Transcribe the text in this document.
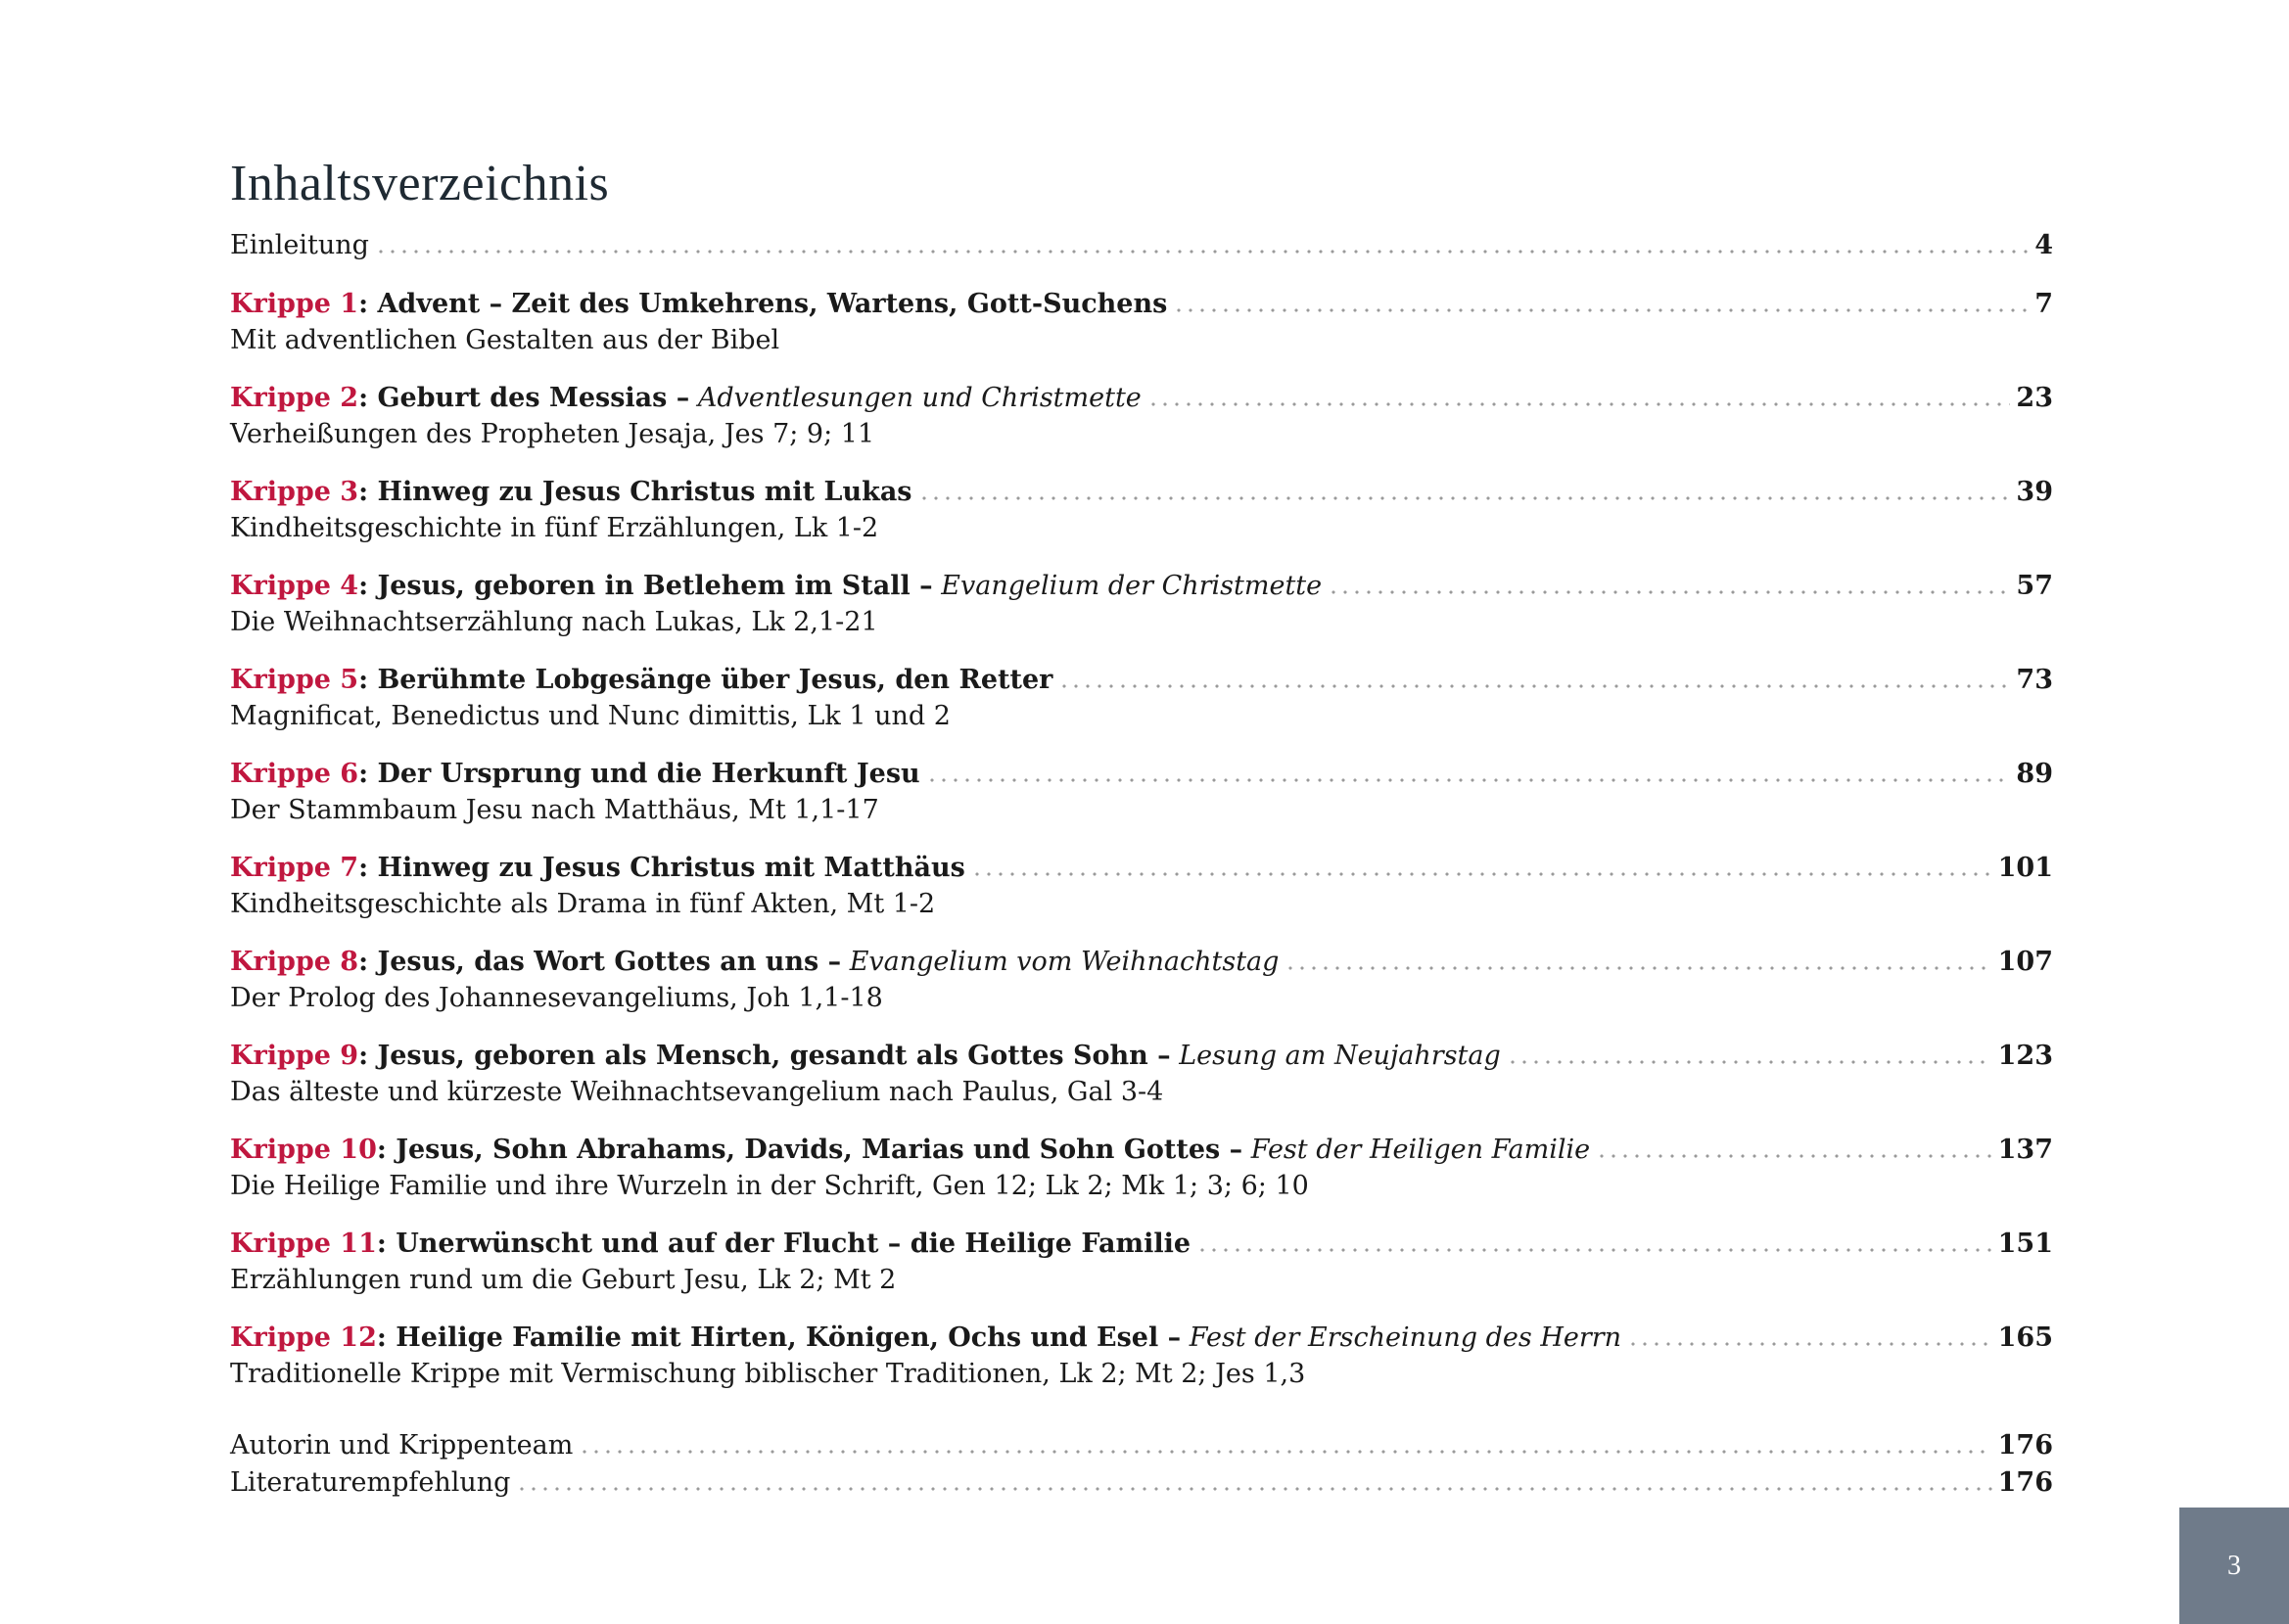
Inhaltsverzeichnis
Einleitung	4
Krippe 1: Advent – Zeit des Umkehrens, Wartens, Gott-Suchens	7
Mit adventlichen Gestalten aus der Bibel
Krippe 2: Geburt des Messias – Adventlesungen und Christmette	23
Verheißungen des Propheten Jesaja, Jes 7; 9; 11
Krippe 3: Hinweg zu Jesus Christus mit Lukas	39
Kindheitsgeschichte in fünf Erzählungen, Lk 1-2
Krippe 4: Jesus, geboren in Betlehem im Stall – Evangelium der Christmette	57
Die Weihnachtserzählung nach Lukas, Lk 2,1-21
Krippe 5: Berühmte Lobgesänge über Jesus, den Retter	73
Magnificat, Benedictus und Nunc dimittis, Lk 1 und 2
Krippe 6: Der Ursprung und die Herkunft Jesu	89
Der Stammbaum Jesu nach Matthäus, Mt 1,1-17
Krippe 7: Hinweg zu Jesus Christus mit Matthäus	101
Kindheitsgeschichte als Drama in fünf Akten, Mt 1-2
Krippe 8: Jesus, das Wort Gottes an uns – Evangelium vom Weihnachtstag	107
Der Prolog des Johannesevangeliums, Joh 1,1-18
Krippe 9: Jesus, geboren als Mensch, gesandt als Gottes Sohn – Lesung am Neujahrstag	123
Das älteste und kürzeste Weihnachtsevangelium nach Paulus, Gal 3-4
Krippe 10: Jesus, Sohn Abrahams, Davids, Marias und Sohn Gottes – Fest der Heiligen Familie	137
Die Heilige Familie und ihre Wurzeln in der Schrift, Gen 12; Lk 2; Mk 1; 3; 6; 10
Krippe 11: Unerwünscht und auf der Flucht – die Heilige Familie	151
Erzählungen rund um die Geburt Jesu, Lk 2; Mt 2
Krippe 12: Heilige Familie mit Hirten, Königen, Ochs und Esel – Fest der Erscheinung des Herrn	165
Traditionelle Krippe mit Vermischung biblischer Traditionen, Lk 2; Mt 2; Jes 1,3
Autorin und Krippenteam	176
Literaturempfehlung	176
3
